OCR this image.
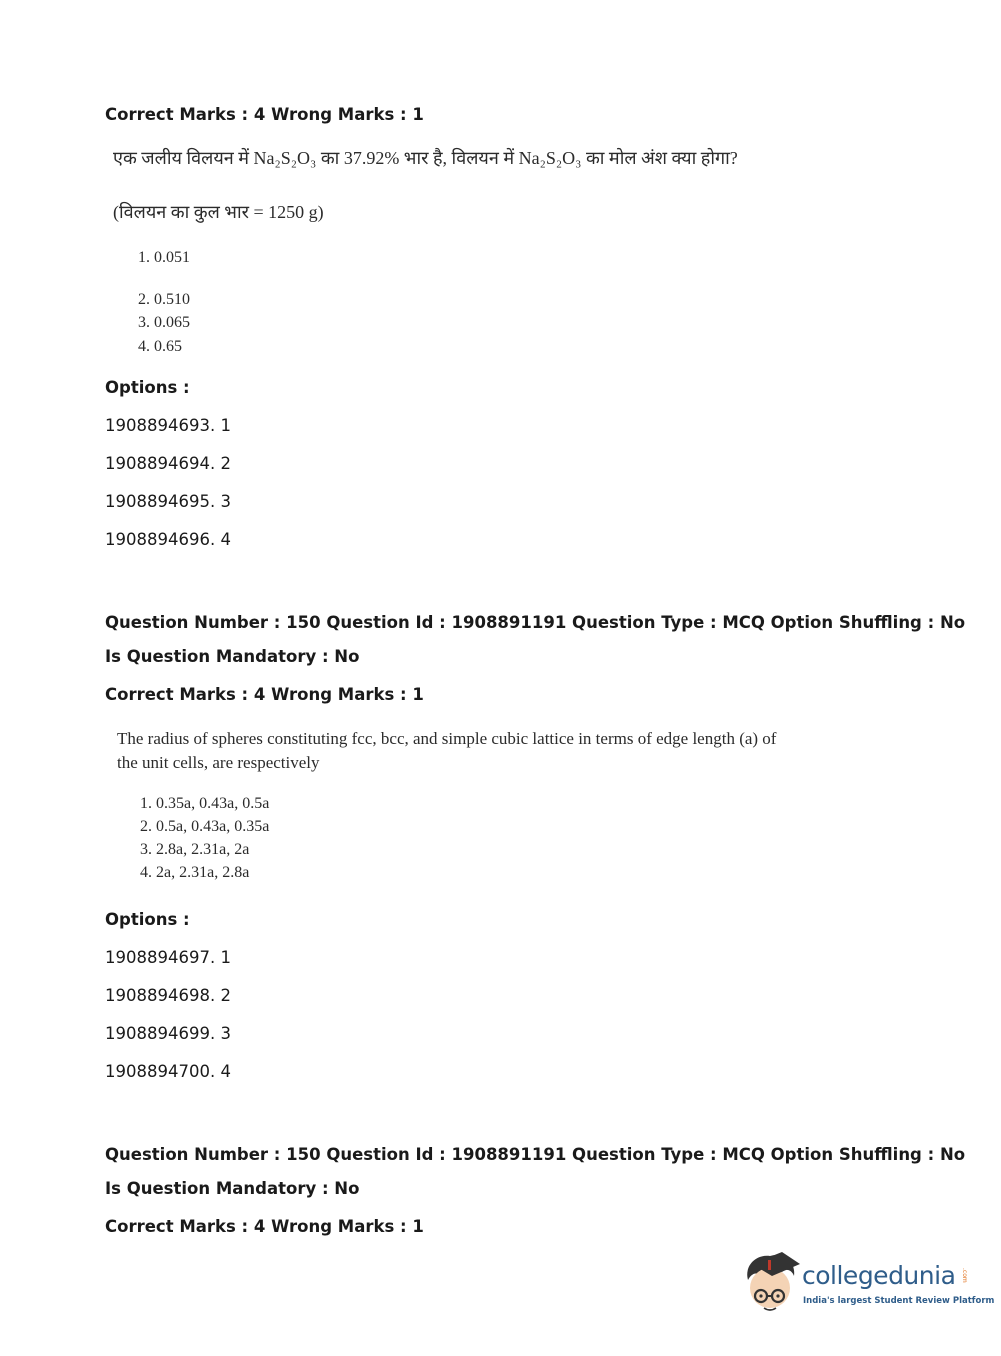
Correct Marks : 4 Wrong Marks : 1
एक जलीय विलयन में Na₂S₂O₃ का 37.92% भार है, विलयन में Na₂S₂O₃ का मोल अंश क्या होगा?
(विलयन का कुल भार = 1250 g)
1. 0.051
2. 0.510
3. 0.065
4. 0.65
Options :
1908894693. 1
1908894694. 2
1908894695. 3
1908894696. 4
Question Number : 150 Question Id : 1908891191 Question Type : MCQ Option Shuffling : No
Is Question Mandatory : No
Correct Marks : 4 Wrong Marks : 1
The radius of spheres constituting fcc, bcc, and simple cubic lattice in terms of edge length (a) of
the unit cells, are respectively
1. 0.35a, 0.43a, 0.5a
2. 0.5a, 0.43a, 0.35a
3. 2.8a, 2.31a, 2a
4. 2a, 2.31a, 2.8a
Options :
1908894697. 1
1908894698. 2
1908894699. 3
1908894700. 4
Question Number : 150 Question Id : 1908891191 Question Type : MCQ Option Shuffling : No
Is Question Mandatory : No
Correct Marks : 4 Wrong Marks : 1
collegedunia .com
India's largest Student Review Platform
